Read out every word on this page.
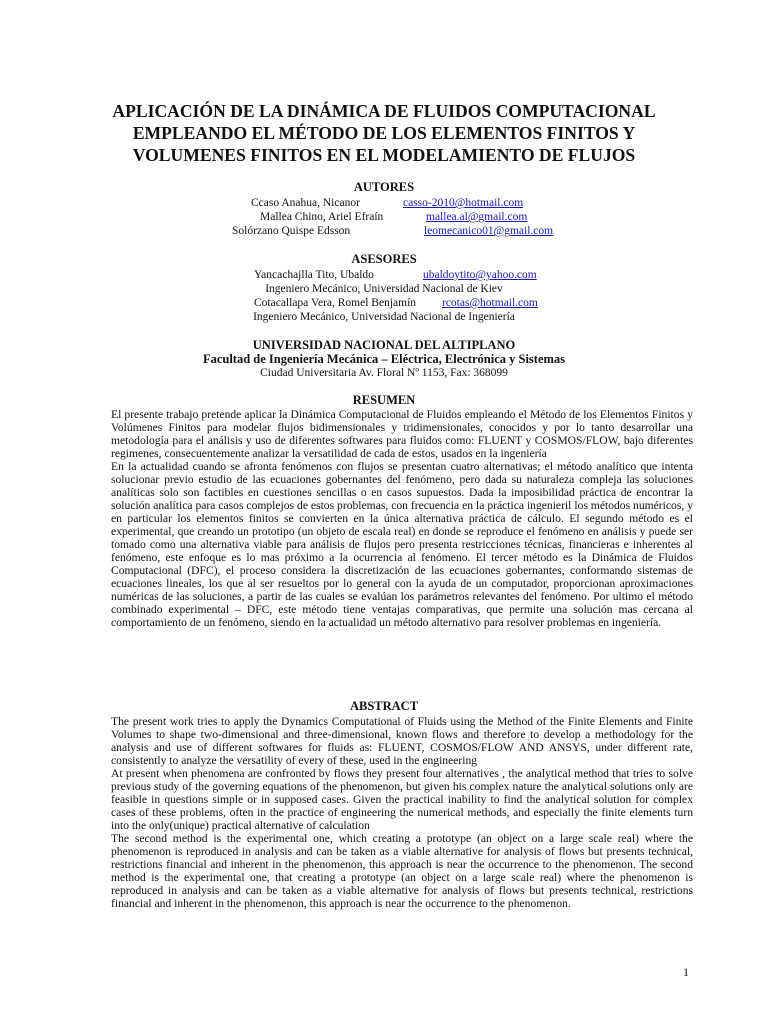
APLICACIÓN DE LA DINÁMICA DE FLUIDOS COMPUTACIONAL
EMPLEANDO EL MÉTODO DE LOS ELEMENTOS FINITOS Y
VOLUMENES FINITOS EN EL MODELAMIENTO DE FLUJOS
AUTORES
Ccaso Anahua, Nicanor	casso-2010@hotmail.com
Mallea Chino, Ariel Efraín	mallea.al@gmail.com
Solórzano Quispe Edsson	leomecanico01@gmail.com
ASESORES
Yancachajlla Tito, Ubaldo	ubaldoytito@yahoo.com
Ingeniero Mecánico, Universidad Nacional de Kiev
Cotacallapa Vera, Romel Benjamín rcotas@hotmail.com
Ingeniero Mecánico, Universidad Nacional de Ingeniería
UNIVERSIDAD NACIONAL DEL ALTIPLANO
Facultad de Ingeniería Mecánica – Eléctrica, Electrónica y Sistemas
Ciudad Universitaria Av. Floral Nº 1153, Fax: 368099
RESUMEN

El presente trabajo pretende aplicar la Dinámica Computacional de Fluidos empleando el Método de los Elementos Finitos y Volúmenes Finitos para modelar flujos bidimensionales y tridimensionales, conocidos y por lo tanto desarrollar una metodología para el análisis y uso de diferentes softwares para fluidos como: FLUENT y COSMOS/FLOW, bajo diferentes regimenes, consecuentemente analizar la versatilidad de cada de estos, usados en la ingeniería

En la actualidad cuando se afronta fenómenos con flujos se presentan cuatro alternativas; el método analítico que intenta solucionar previo estudio de las ecuaciones gobernantes del fenómeno, pero dada su naturaleza compleja las soluciones analíticas solo son factibles en cuestiones sencillas o en casos supuestos. Dada la imposibilidad práctica de encontrar la solución analítica para casos complejos de estos problemas, con frecuencia en la práctica ingenieril los métodos numéricos, y en particular los elementos finitos se convierten en la única alternativa práctica de cálculo. El segundo método es el experimental, que creando un prototipo (un objeto de escala real) en donde se reproduce el fenómeno en análisis y puede ser tomado como una alternativa viable para análisis de flujos pero presenta restricciones técnicas, financieras e inherentes al fenómeno, este enfoque es lo mas próximo a la ocurrencia al fenómeno. El tercer método es la Dinámica de Fluidos Computacional (DFC), el proceso considera la discretización de las ecuaciones gobernantes, conformando sistemas de ecuaciones lineales, los que al ser resueltos por lo general con la ayuda de un computador, proporcionan aproximaciones numéricas de las soluciones, a partir de las cuales se evalúan los parámetros relevantes del fenómeno. Por ultimo el método combinado experimental – DFC, este método tiene ventajas comparativas, que permite una solución mas cercana al comportamiento de un fenómeno, siendo en la actualidad un método alternativo para resolver problemas en ingeniería.

ABSTRACT

The present work tries to apply the Dynamics Computational of Fluids using the Method of the Finite Elements and Finite Volumes to shape two-dimensional and three-dimensional, known flows and therefore to develop a methodology for the analysis and use of different softwares for fluids as: FLUENT, COSMOS/FLOW AND ANSYS, under different rate, consistently to analyze the versatility of every of these, used in the engineering

At present when phenomena are confronted by flows they present four alternatives , the analytical method that tries to solve previous study of the governing equations of the phenomenon, but given his complex nature the analytical solutions only are feasible in questions simple or in supposed cases. Given the practical inability to find the analytical solution for complex cases of these problems, often in the practice of engineering the numerical methods, and especially the finite elements turn into the only(unique) practical alternative of calculation

The second method is the experimental one, which creating a prototype (an object on a large scale real) where the phenomenon is reproduced in analysis and can be taken as a viable alternative for analysis of flows but presents technical, restrictions financial and inherent in the phenomenon, this approach is near the occurrence to the phenomenon. The second method is the experimental one, that creating a prototype (an object on a large scale real) where the phenomenon is reproduced in analysis and can be taken as a viable alternative for analysis of flows but presents technical, restrictions financial and inherent in the phenomenon, this approach is near the occurrence to the phenomenon.

1
